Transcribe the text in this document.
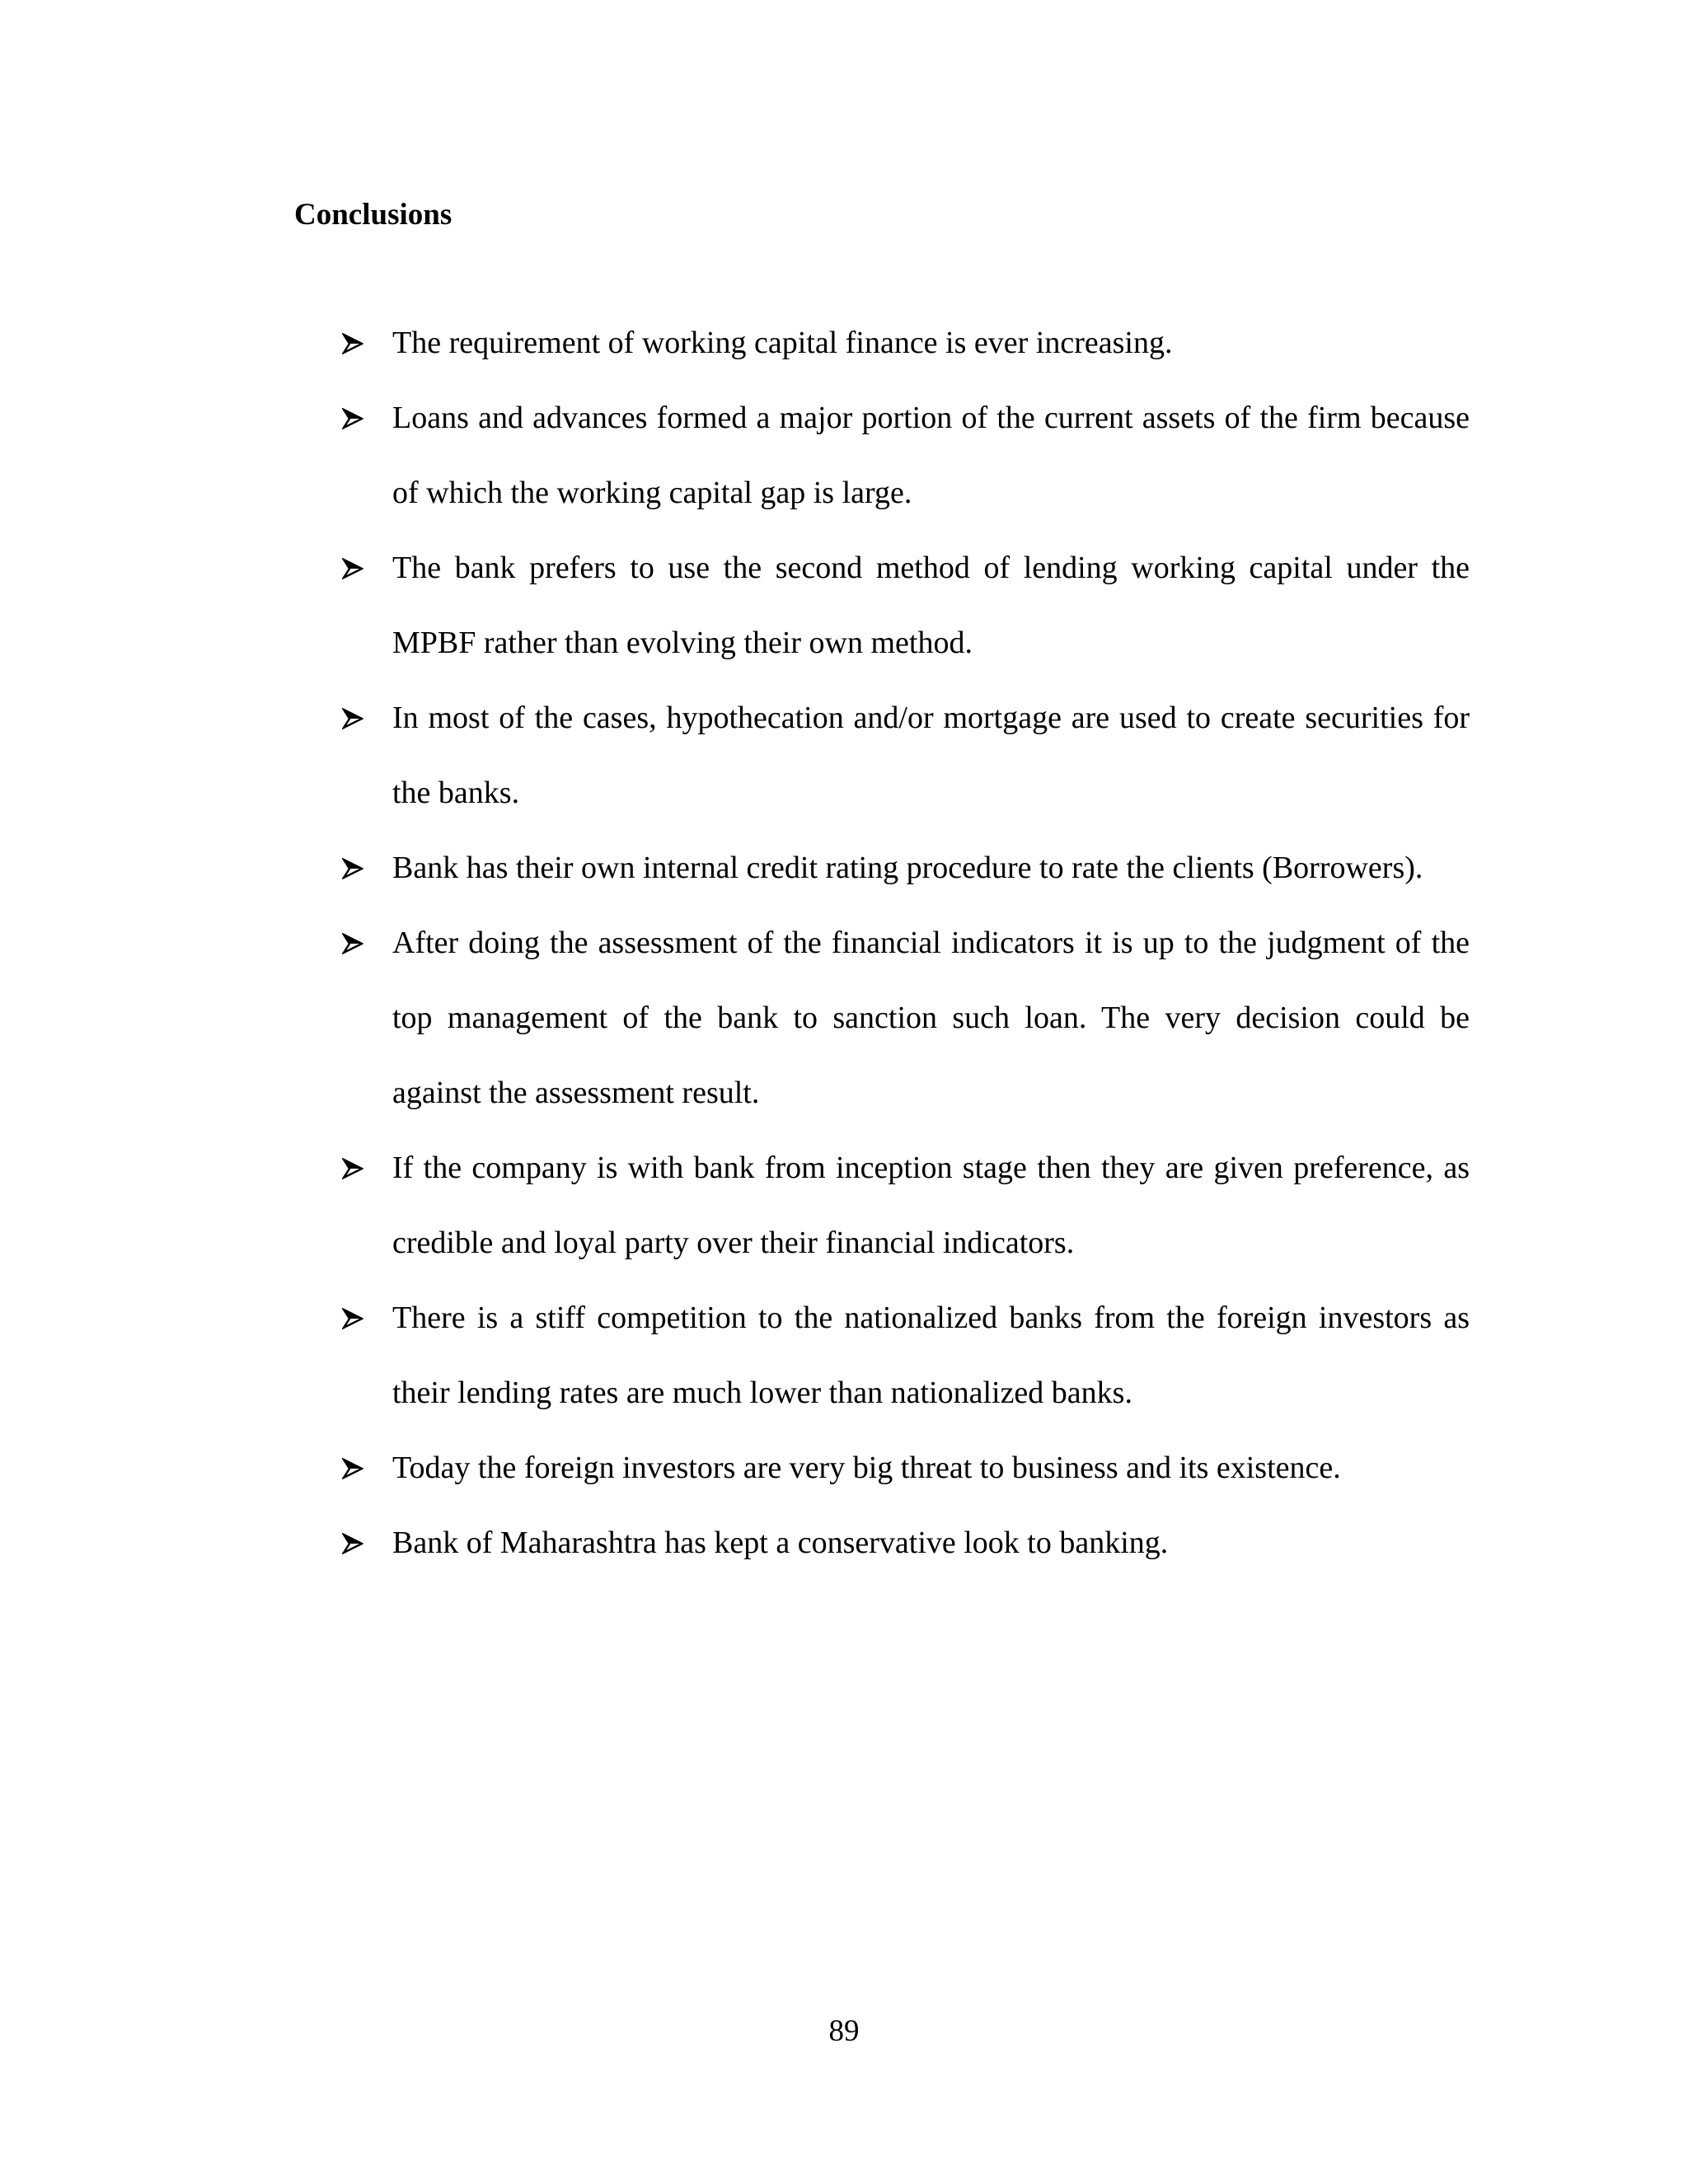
Conclusions
The requirement of working capital finance is ever increasing.
Loans and advances formed a major portion of the current assets of the firm because of which the working capital gap is large.
The bank prefers to use the second method of lending working capital under the MPBF rather than evolving their own method.
In most of the cases, hypothecation and/or mortgage are used to create securities for the banks.
Bank has their own internal credit rating procedure to rate the clients (Borrowers).
After doing the assessment of the financial indicators it is up to the judgment of the top management of the bank to sanction such loan. The very decision could be against the assessment result.
If the company is with bank from inception stage then they are given preference, as credible and loyal party over their financial indicators.
There is a stiff competition to the nationalized banks from the foreign investors as their lending rates are much lower than nationalized banks.
Today the foreign investors are very big threat to business and its existence.
Bank of Maharashtra has kept a conservative look to banking.

89
